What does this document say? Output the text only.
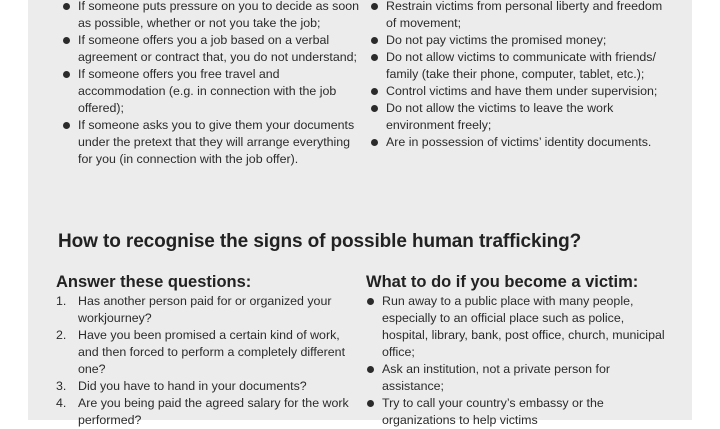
If someone puts pressure on you to decide as soon as possible, whether or not you take the job;
If someone offers you a job based on a verbal agreement or contract that, you do not understand;
If someone offers you free travel and accommodation (e.g. in connection with the job offered);
If someone asks you to give them your documents under the pretext that they will arrange everything for you (in connection with the job offer).
Restrain victims from personal liberty and freedom of movement;
Do not pay victims the promised money;
Do not allow victims to communicate with friends/ family (take their phone, computer, tablet, etc.);
Control victims and have them under supervision;
Do not allow the victims to leave the work environment freely;
Are in possession of victims’ identity documents.
How to recognise the signs of possible human trafficking?
Answer these questions:
1. Has another person paid for or organized your workjourney?
2. Have you been promised a certain kind of work, and then forced to perform a completely different one?
3. Did you have to hand in your documents?
4. Are you being paid the agreed salary for the work performed?
What to do if you become a victim:
Run away to a public place with many people, especially to an official place such as police, hospital, library, bank, post office, church, municipal office;
Ask an institution, not a private person for assistance;
Try to call your country’s embassy or the organizations to help victims
